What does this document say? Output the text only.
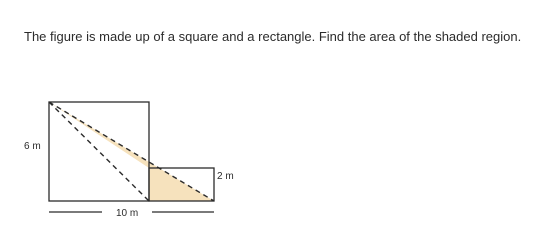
The figure is made up of a square and a rectangle. Find the area of the shaded region.
6 m
2 m
10 m
